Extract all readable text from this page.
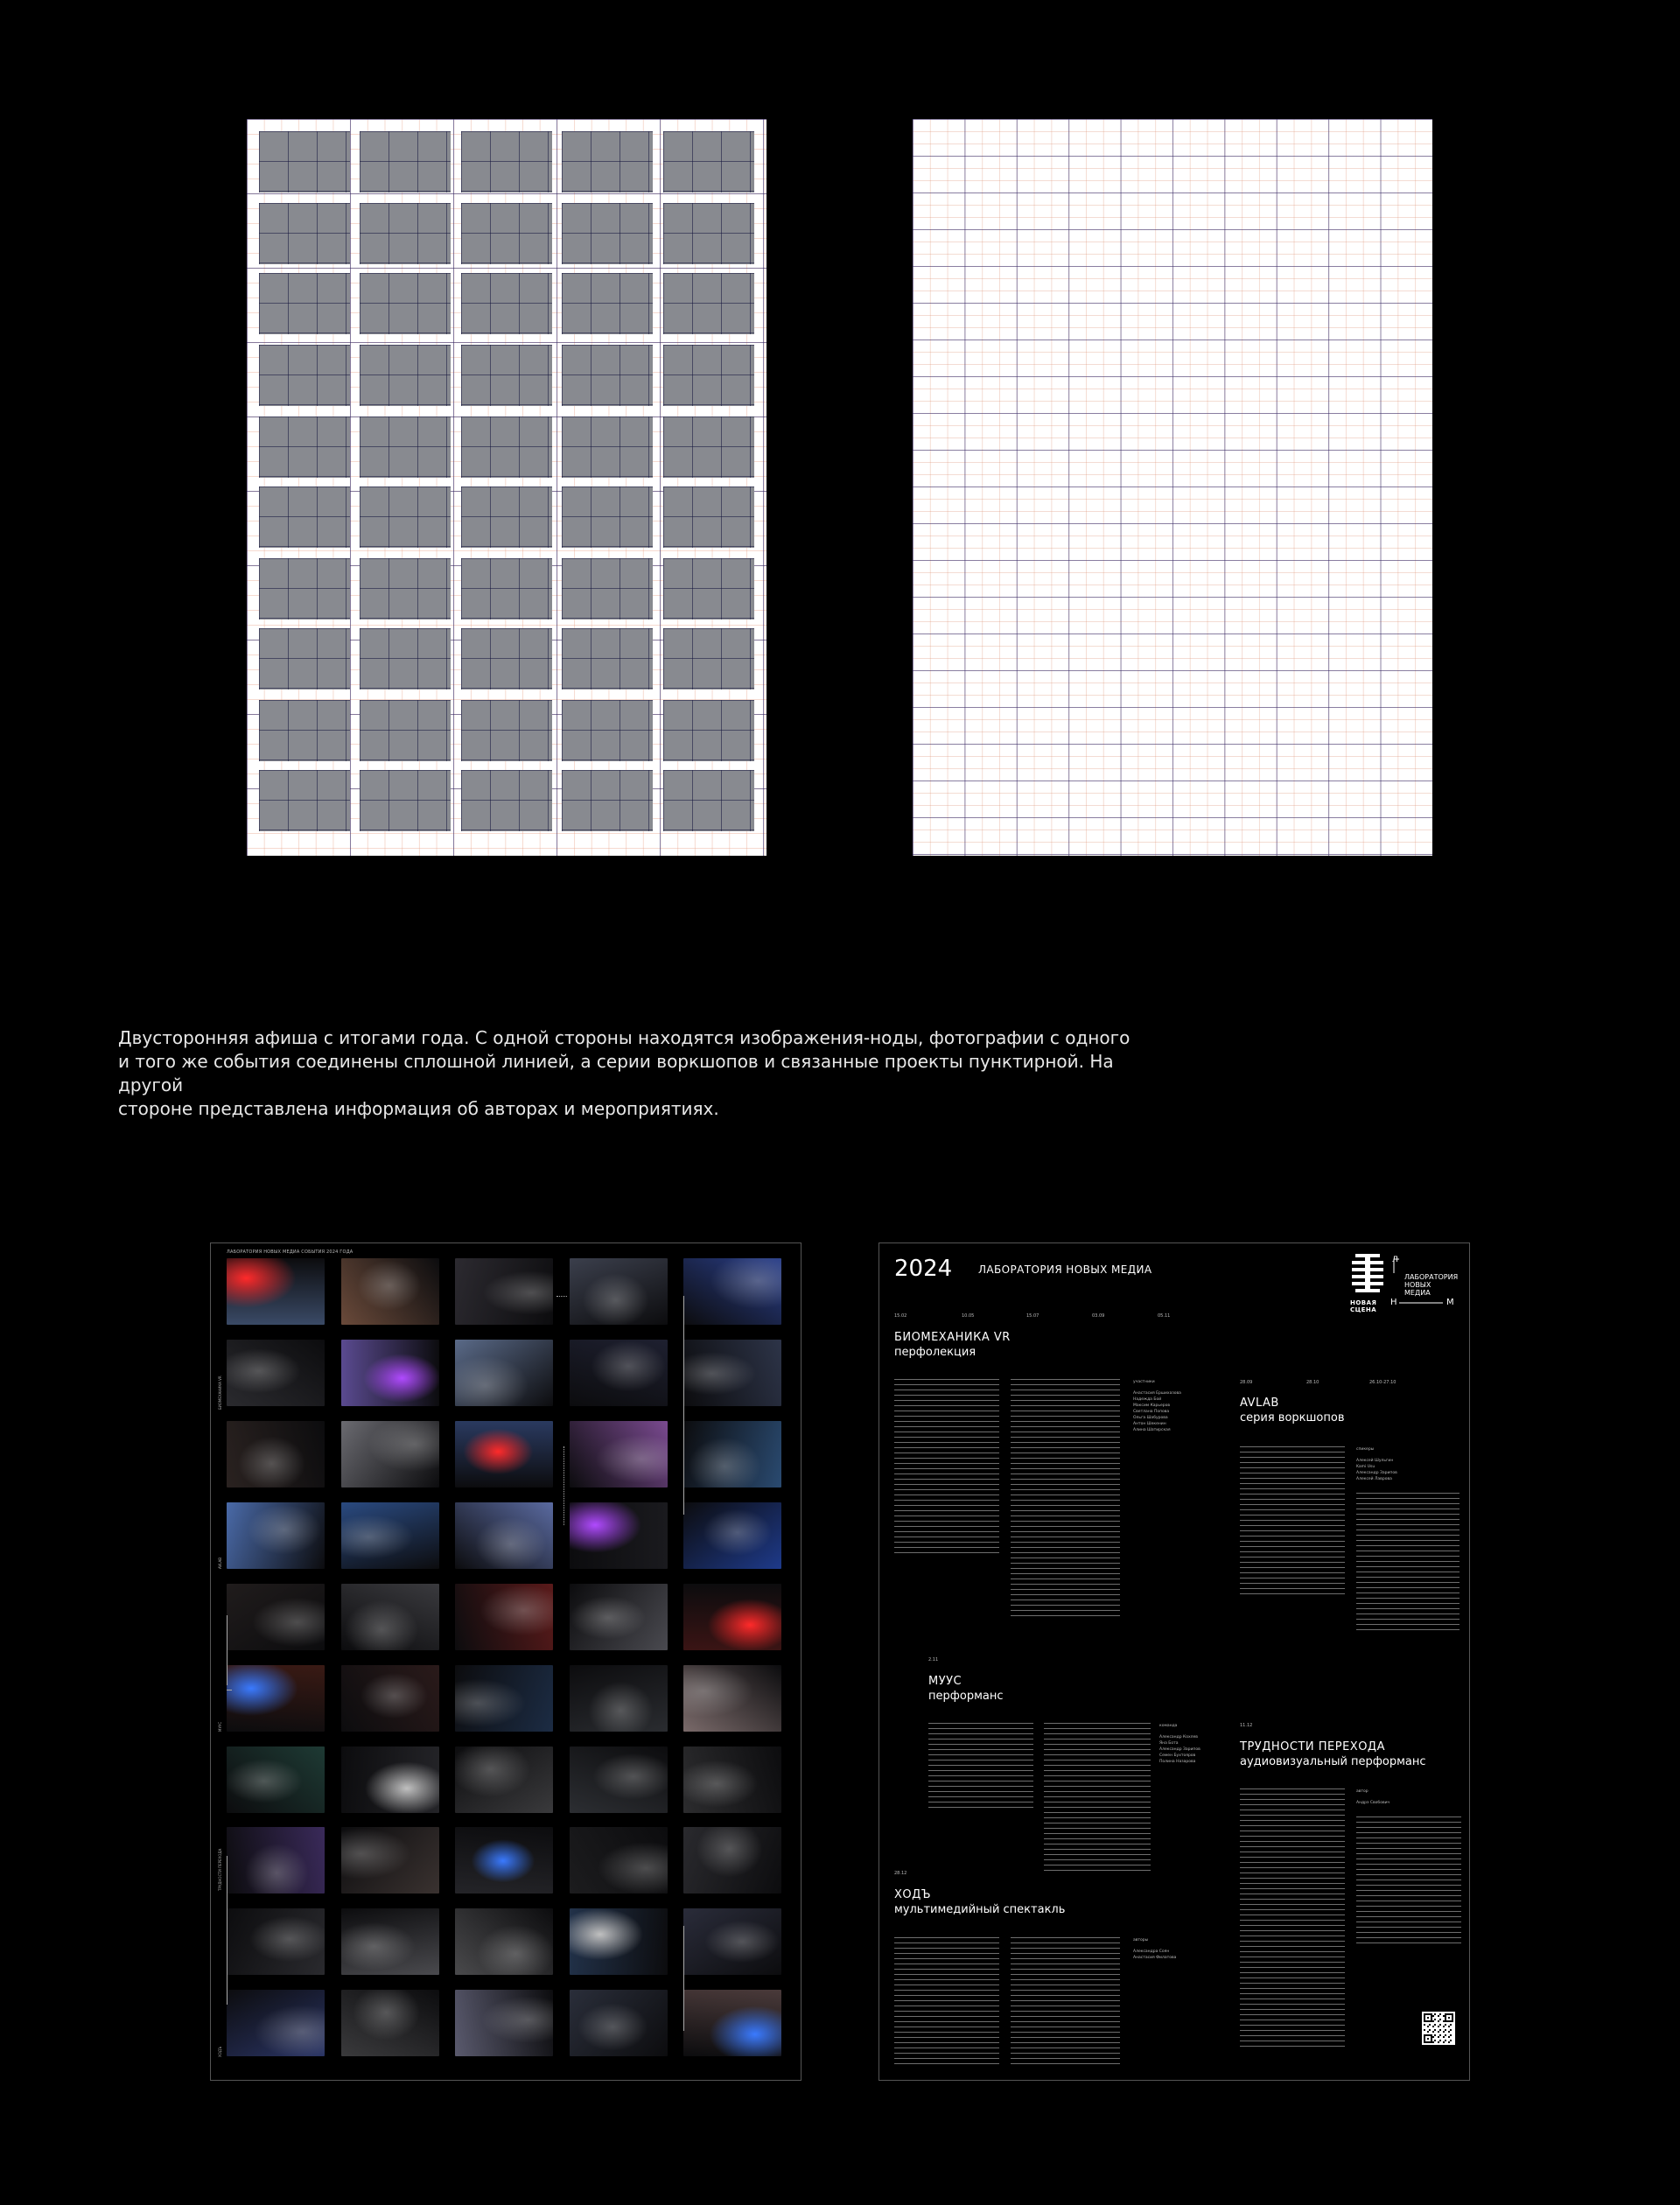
Двусторонняя афиша с итогами года. С одной стороны находятся изображения-ноды, фотографии с одного
и того же события соединены сплошной линией, а серии воркшопов и связанные проекты пунктирной. На другой
стороне представлена информация об авторах и мероприятиях.
ЛАБОРАТОРИЯ НОВЫХ МЕДИА СОБЫТИЯ 2024 ГОДА
БИОМЕХАНИКА VR
AVLAB
МУУС
ТРУДНОСТИ ПЕРЕХОДА
ХОДЪ
2024 ЛАБОРАТОРИЯ НОВЫХ МЕДИА
НОВАЯ
СЦЕНА
Л
ЛАБОРАТОРИЯ
НОВЫХ
МЕДИА
Н	М
15.02	10.05	15.07	03.09	05.11
БИОМЕХАНИКА VR
перфолекция
участники
Анастасия Ершихазова
Надежда Бой
Максим Карьеров
Светлана Попова
Ольга Шабурова
Антон Шекенин
Алина Шатирская
28.09	28.10	26.10-27.10
AVLAB
серия воркшопов
спикеры
Алексей Шульгин
Kami Usu
Александр Зарипов
Алексей Лаврова
2.11
МУУС
перформанс
команда
Александр Кохлев
Яна Бота
Александр Зарипов
Семен Бухтояров
Полина Назарова
11.12
ТРУДНОСТИ ПЕРЕХОДА
аудиовизуальный перформанс
автор
Андрэ Свобович
28.12
ХОДЪ
мультимедийный спектакль
авторы
Александра Соян
Анастасия Филатова
